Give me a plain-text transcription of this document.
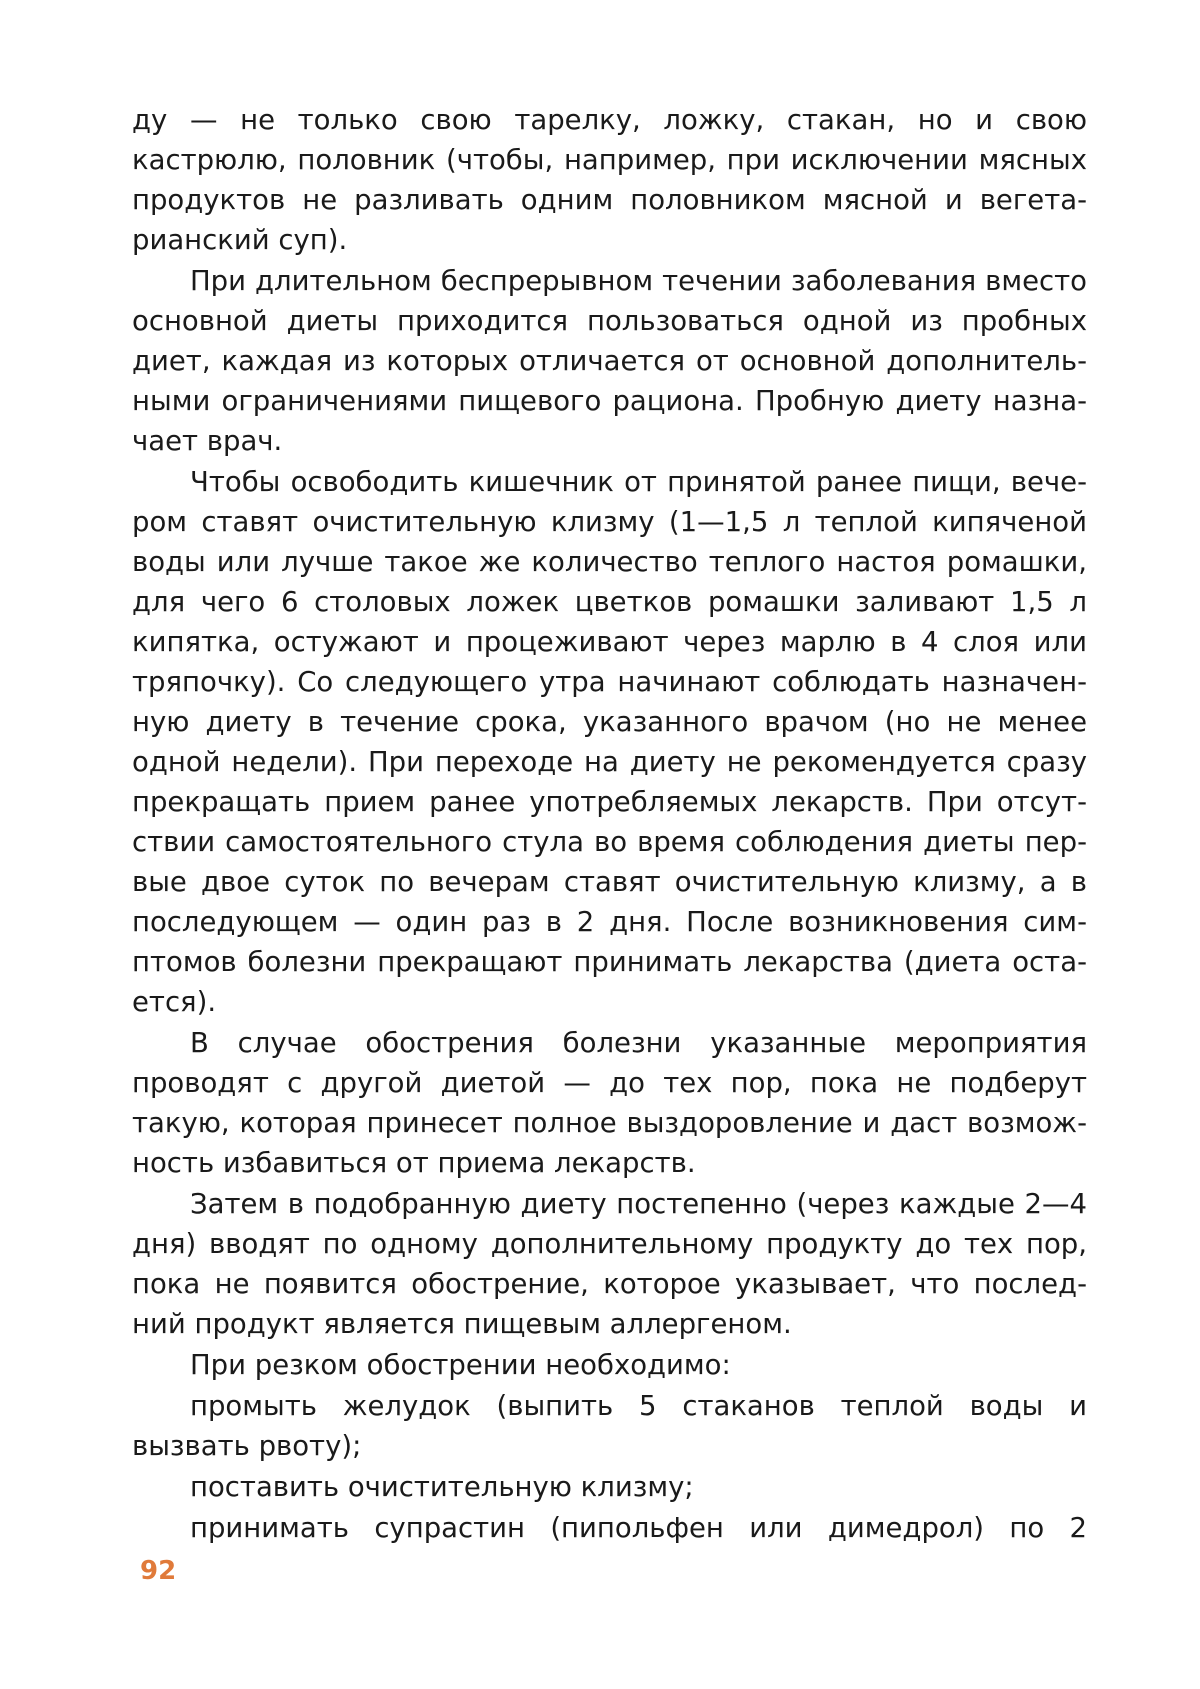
ду — не только свою тарелку, ложку, стакан, но и свою кастрюлю, половник (чтобы, например, при исключении мясных продуктов не разливать одним половником мясной и вегетарианский суп).

При длительном беспрерывном течении заболевания вместо основной диеты приходится пользоваться одной из пробных диет, каждая из которых отличается от основной дополнительными ограничениями пищевого рациона. Пробную диету назначает врач.

Чтобы освободить кишечник от принятой ранее пищи, вечером ставят очистительную клизму (1—1,5 л теплой кипяченой воды или лучше такое же количество теплого настоя ромашки, для чего 6 столовых ложек цветков ромашки заливают 1,5 л кипятка, остужают и процеживают через марлю в 4 слоя или тряпочку). Со следующего утра начинают соблюдать назначенную диету в течение срока, указанного врачом (но не менее одной недели). При переходе на диету не рекомендуется сразу прекращать прием ранее употребляемых лекарств. При отсутствии самостоятельного стула во время соблюдения диеты первые двое суток по вечерам ставят очистительную клизму, а в последующем — один раз в 2 дня. После возникновения симптомов болезни прекращают принимать лекарства (диета остается).

В случае обострения болезни указанные мероприятия проводят с другой диетой — до тех пор, пока не подберут такую, которая принесет полное выздоровление и даст возможность избавиться от приема лекарств.

Затем в подобранную диету постепенно (через каждые 2—4 дня) вводят по одному дополнительному продукту до тех пор, пока не появится обострение, которое указывает, что последний продукт является пищевым аллергеном.

При резком обострении необходимо:

промыть желудок (выпить 5 стаканов теплой воды и вызвать рвоту);

поставить очистительную клизму;

принимать супрастин (пипольфен или димедрол) по 2

92
